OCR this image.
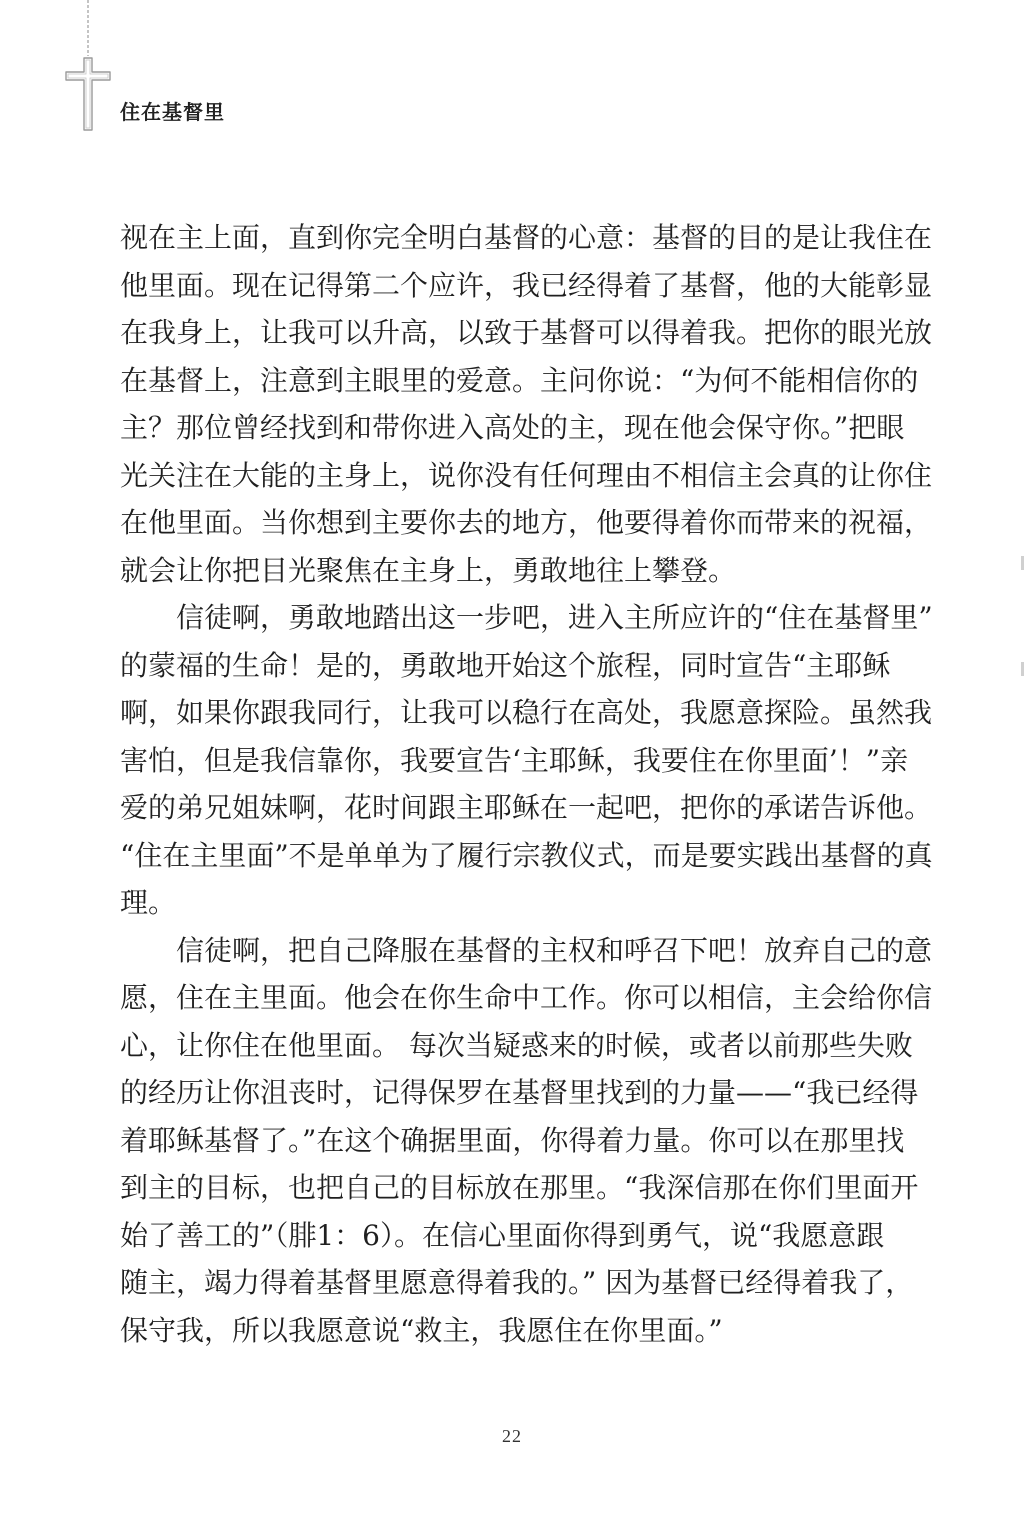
住在基督里

视在主上面，直到你完全明白基督的心意：基督的目的是让我住在
他里面。现在记得第二个应许，我已经得着了基督，他的大能彰显
在我身上，让我可以升高，以致于基督可以得着我。把你的眼光放
在基督上，注意到主眼里的爱意。主问你说：“为何不能相信你的
主？那位曾经找到和带你进入高处的主，现在他会保守你。”把眼
光关注在大能的主身上，说你没有任何理由不相信主会真的让你住
在他里面。当你想到主要你去的地方，他要得着你而带来的祝福，
就会让你把目光聚焦在主身上，勇敢地往上攀登。

信徒啊，勇敢地踏出这一步吧，进入主所应许的“住在基督里”
的蒙福的生命！是的，勇敢地开始这个旅程，同时宣告“主耶稣
啊，如果你跟我同行，让我可以稳行在高处，我愿意探险。虽然我
害怕，但是我信靠你，我要宣告‘主耶稣，我要住在你里面’！”亲
爱的弟兄姐妹啊，花时间跟主耶稣在一起吧，把你的承诺告诉他。
“住在主里面”不是单单为了履行宗教仪式，而是要实践出基督的真
理。

信徒啊，把自己降服在基督的主权和呼召下吧！放弃自己的意
愿，住在主里面。他会在你生命中工作。你可以相信，主会给你信
心，让你住在他里面。 每次当疑惑来的时候，或者以前那些失败
的经历让你沮丧时，记得保罗在基督里找到的力量——“我已经得
着耶稣基督了。”在这个确据里面，你得着力量。你可以在那里找
到主的目标，也把自己的目标放在那里。“我深信那在你们里面开
始了善工的”（腓1：6）。在信心里面你得到勇气，说“我愿意跟
随主，竭力得着基督里愿意得着我的。” 因为基督已经得着我了，
保守我，所以我愿意说“救主，我愿住在你里面。”

22
